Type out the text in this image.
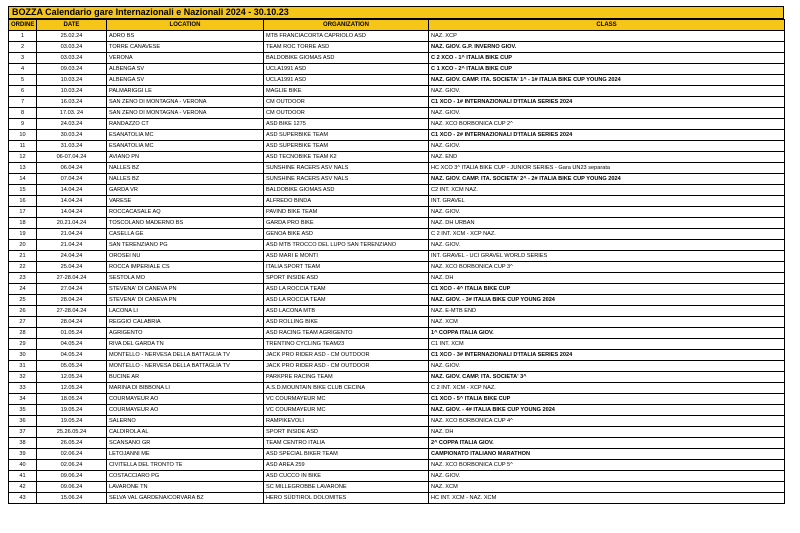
BOZZA Calendario gare Internazionali e Nazionali 2024 - 30.10.23
ORDINE	DATE	LOCATION	ORGANIZATION	CLASS
1	25.02.24	ADRO BS	MTB FRANCIACORTA CAPRIOLO ASD	NAZ. XCP
2	03.03.24	TORRE CANAVESE	TEAM ROC TORRE ASD	NAZ. GIOV. G.P. INVERNO GIOV.
3	03.03.24	VERONA	BALDOBIKE GIOMAS ASD	C 2 XCO - 1^ ITALIA BIKE CUP
4	09.03.24	ALBENGA SV	UCLA1991 ASD	C 1 XCO - 2^ ITALIA BIKE CUP
5	10.03.24	ALBENGA SV	UCLA1991 ASD	NAZ. GIOV. CAMP. ITA. SOCIETA' 1^ - 1# ITALIA BIKE CUP YOUNG 2024
6	10.03.24	PALMARIGGI LE	MAGLIE BIKE	NAZ. GIOV.
7	16.03.24	SAN ZENO DI MONTAGNA - VERONA	CM OUTDOOR	C1 XCO - 1# INTERNAZIONALI D'ITALIA SERIES 2024
8	17.03. 24	SAN ZENO DI MONTAGNA - VERONA	CM OUTDOOR	NAZ. GIOV.
9	24.03.24	RANDAZZO CT	ASD BIKE 1275	NAZ. XCO BORBONICA CUP 2^
10	30.03.24	ESANATOLIA MC	ASD SUPERBIKE TEAM	C1 XCO - 2# INTERNAZIONALI D'ITALIA SERIES 2024
11	31.03.24	ESANATOLIA MC	ASD SUPERBIKE TEAM	NAZ. GIOV.
12	06-07.04.24	AVIANO PN	ASD TECNOBIKE TEAM K2	NAZ. END
13	06.04.24	NALLES BZ	SUNSHINE RACERS ASV NALS	HC XCO 3^ ITALIA BIKE CUP - JUNIOR SERIES - Gara UN23 separata
14	07.04.24	NALLES BZ	SUNSHINE RACERS ASV NALS	NAZ. GIOV. CAMP. ITA. SOCIETA' 2^ - 2# ITALIA BIKE CUP YOUNG 2024
15	14.04.24	GARDA VR	BALDOBIKE GIOMAS ASD	C2 INT. XCM NAZ.
16	14.04.24	VARESE	ALFREDO BINDA	INT. GRAVEL
17	14.04.24	ROCCACASALE AQ	PAVIND BIKE TEAM	NAZ. GIOV.
18	20.21.04.24	TOSCOLANO MADERNO BS	GARDA PRO BIKE	NAZ. DH URBAN
19	21.04.24	CASELLA GE	GENOA BIKE ASD	C 2 INT. XCM - XCP NAZ.
20	21.04.24	SAN TERENZIANO PG	ASD MTB TROCCO DEL LUPO SAN TERENZIANO	NAZ. GIOV.
21	24.04.24	OROSEI NU	ASD MARI E MONTI	INT. GRAVEL - UCI GRAVEL WORLD SERIES
22	25.04.24	ROCCA IMPERIALE CS	ITALIA SPORT TEAM	NAZ. XCO BORBONICA CUP 3^
23	27-28.04.24	SESTOLA MO	SPORT INSIDE ASD	NAZ. DH
24	27.04.24	STEVENA' DI CANEVA PN	ASD LA ROCCIA TEAM	C1 XCO - 4^ ITALIA BIKE CUP
25	28.04.24	STEVENA' DI CANEVA PN	ASD LA ROCCIA TEAM	NAZ. GIOV. - 3# ITALIA BIKE CUP YOUNG 2024
26	27-28.04.24	LACONA LI	ASD LACONA MTB	NAZ. E-MTB END
27	28.04.24	REGGIO CALABRIA	ASD ROLLING BIKE	NAZ. XCM
28	01.05.24	AGRIGENTO	ASD RACING TEAM AGRIGENTO	1^ COPPA ITALIA GIOV.
29	04.05.24	RIVA DEL GARDA TN	TRENTINO CYCLING TEAM23	C1 INT. XCM
30	04.05.24	MONTELLO - NERVESA DELLA BATTAGLIA TV	JACK PRO RIDER ASD - CM OUTDOOR	C1 XCO - 3# INTERNAZIONALI D'ITALIA SERIES 2024
31	05.05.24	MONTELLO - NERVESA DELLA BATTAGLIA TV	JACK PRO RIDER ASD - CM OUTDOOR	NAZ. GIOV.
32	12.05.24	BUCINE AR	PARKPRE RACING TEAM	NAZ. GIOV. CAMP. ITA. SOCIETA' 3^
33	12.05.24	MARINA DI BIBBONA LI	A.S.D.MOUNTAIN BIKE CLUB CECINA	C 2 INT. XCM - XCP NAZ.
34	18.05.24	COURMAYEUR AO	VC COURMAYEUR MC	C1 XCO - 5^ ITALIA BIKE CUP
35	19.05.24	COURMAYEUR AO	VC COURMAYEUR MC	NAZ. GIOV. - 4# ITALIA BIKE CUP YOUNG 2024
36	19.05.24	SALERNO	RAMPIKEVOLI	NAZ. XCO BORBONICA CUP 4^
37	25.26.05.24	CALDIROLA AL	SPORT INSIDE ASD	NAZ. DH
38	26.05.24	SCANSANO GR	TEAM CENTRO ITALIA	2^ COPPA ITALIA GIOV.
39	02.06.24	LETOJANNI ME	ASD SPECIAL BIKER TEAM	CAMPIONATO ITALIANO MARATHON
40	02.06.24	CIVITELLA DEL TRONTO TE	ASD AREA 259	NAZ. XCO BORBONICA CUP 5^
41	09.06.24	COSTACCIARO PG	ASD CUCCO IN BIKE	NAZ. GIOV.
42	09.06.24	LAVARONE TN	SC MILLEGROBBE LAVARONE	NAZ. XCM
43	15.06.24	SELVA VAL GARDENA/CORVARA BZ	HERO SÜDTIROL DOLOMITES	HC INT. XCM - NAZ. XCM
